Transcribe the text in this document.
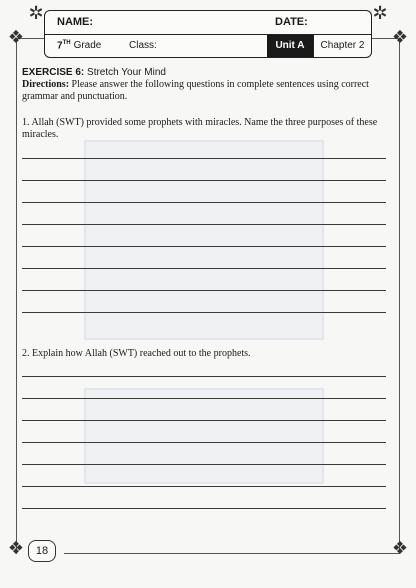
❖	❖
✲	✲
❖	❖
NAME:	DATE:
7TH Grade	Class:	Unit A	Chapter 2
EXERCISE 6: Stretch Your Mind
Directions: Please answer the following questions in complete sentences using correct grammar and punctuation.
1. Allah (SWT) provided some prophets with miracles. Name the three purposes of these miracles.
2. Explain how Allah (SWT) reached out to the prophets.
18
